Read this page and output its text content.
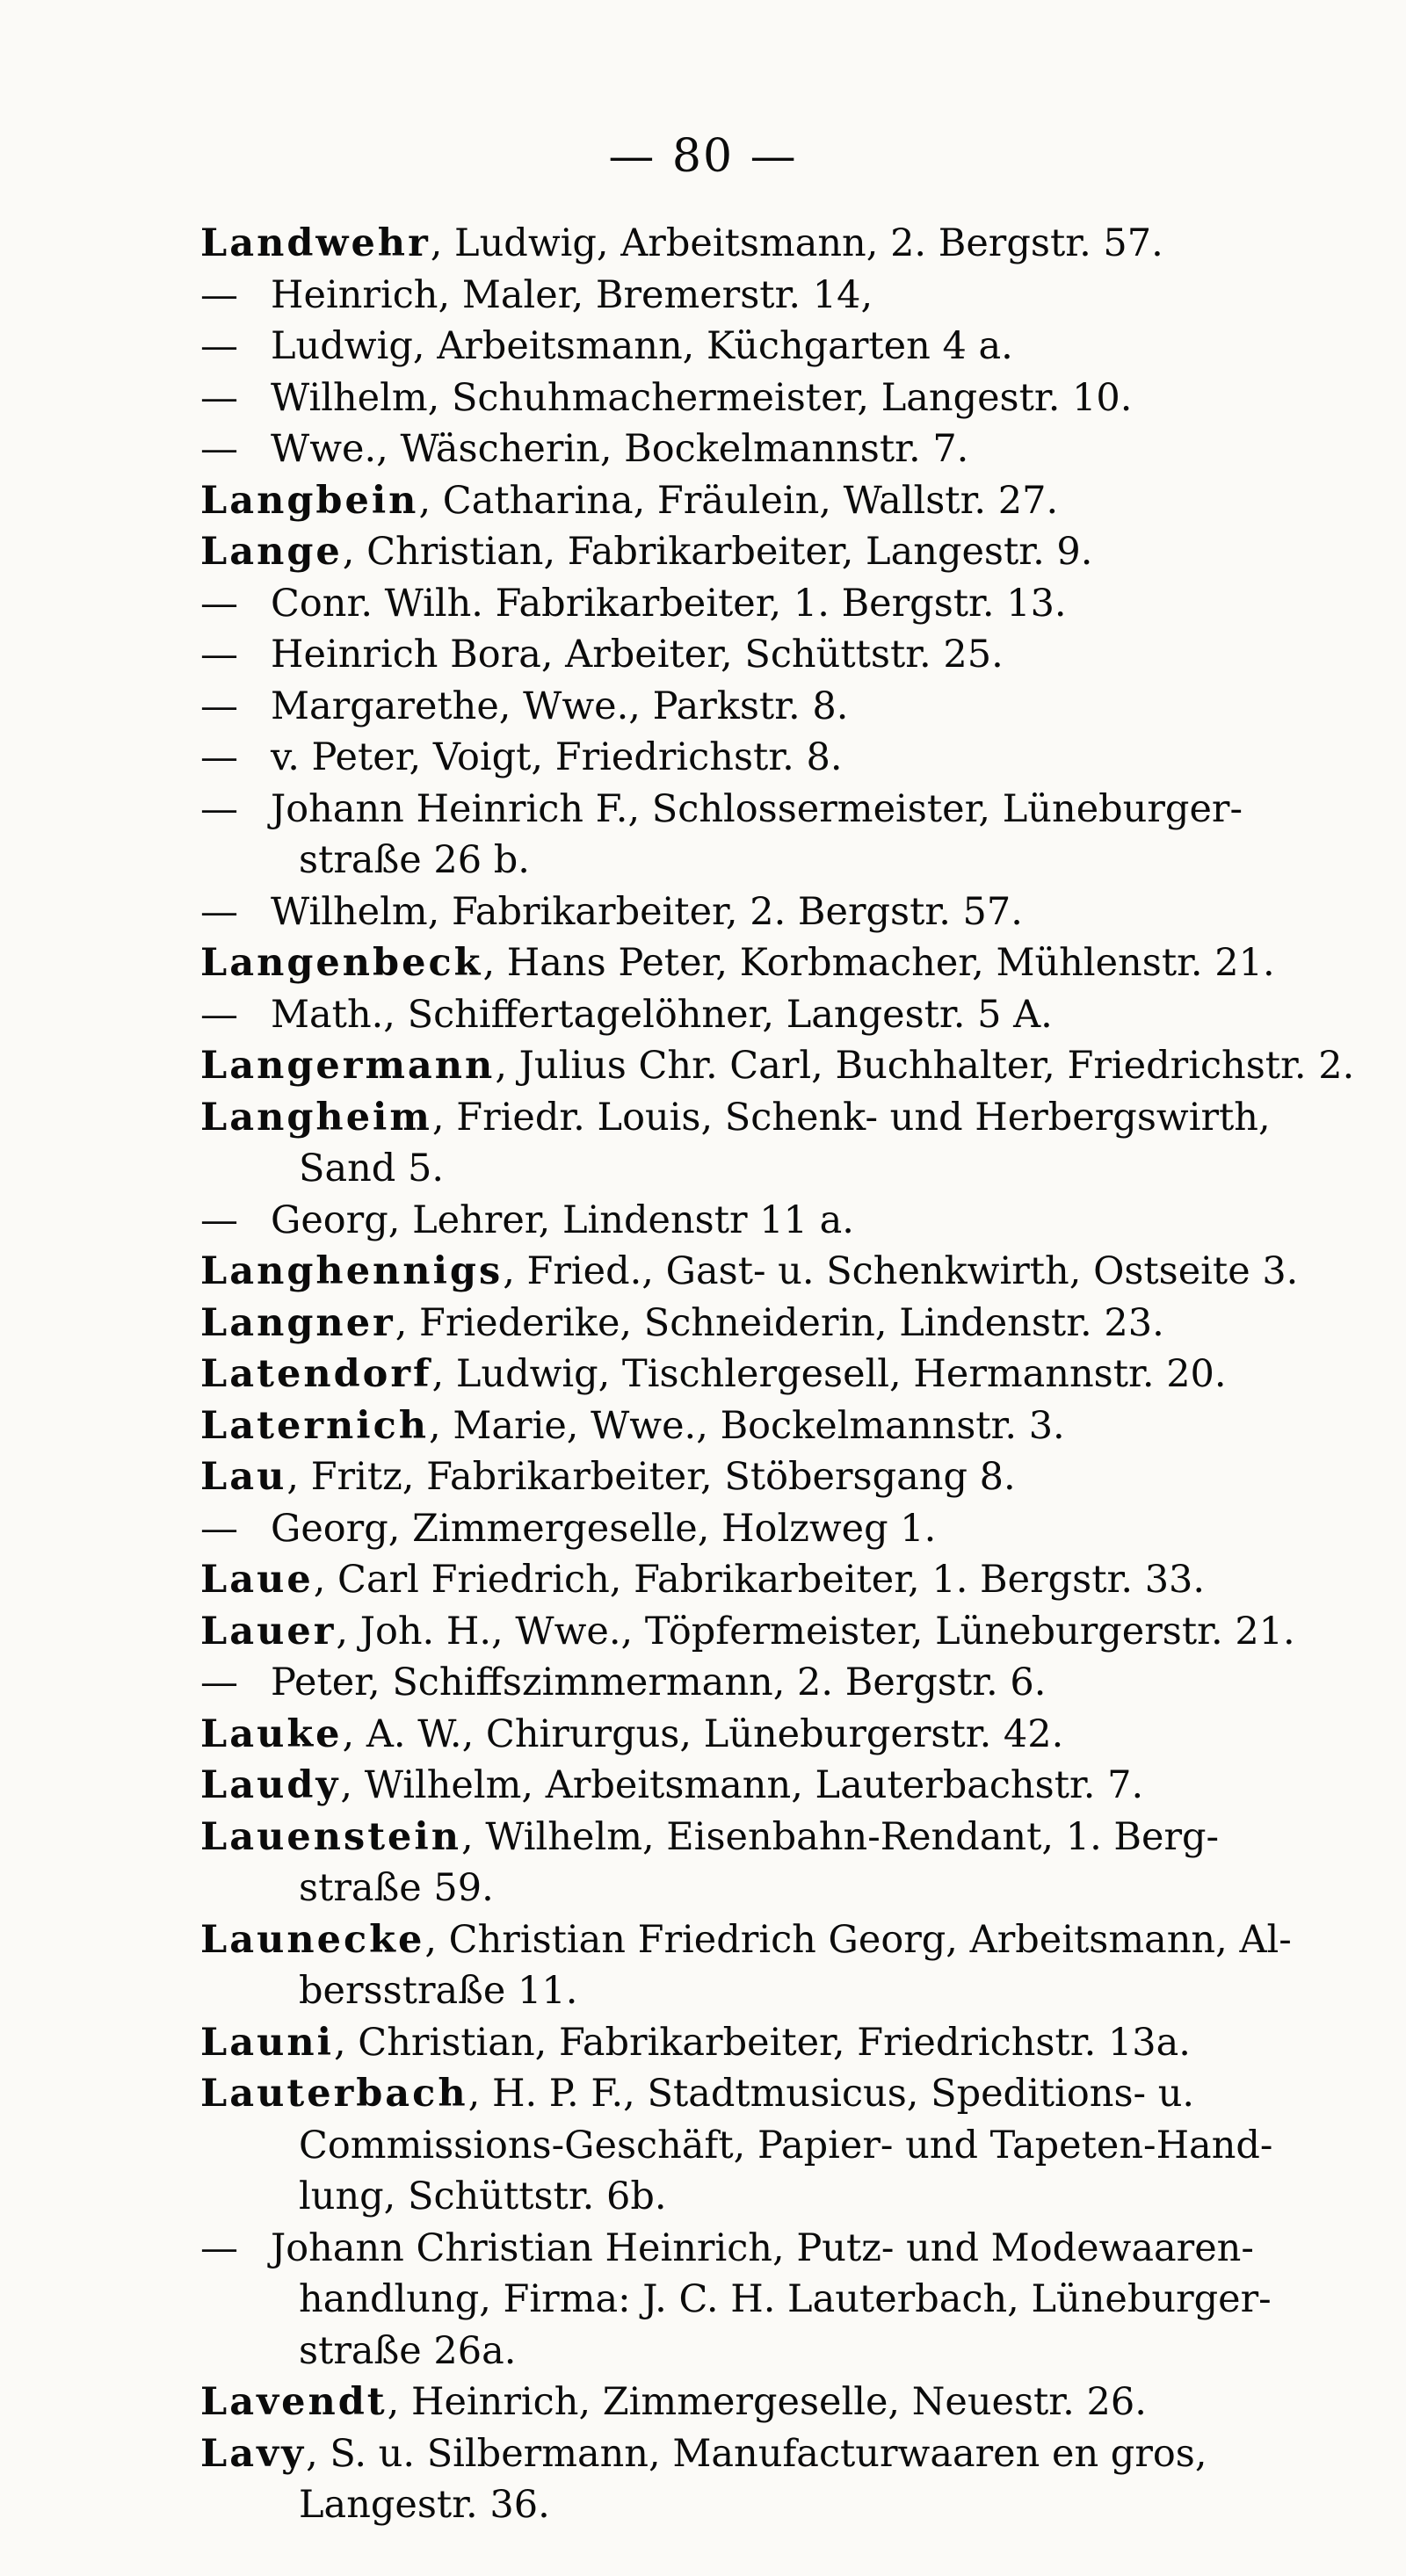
— 80 —
Landwehr, Ludwig, Arbeitsmann, 2. Bergstr. 57.
— Heinrich, Maler, Bremerstr. 14,
— Ludwig, Arbeitsmann, Küchgarten 4 a.
— Wilhelm, Schuhmachermeister, Langestr. 10.
— Wwe., Wäscherin, Bockelmannstr. 7.
Langbein, Catharina, Fräulein, Wallstr. 27.
Lange, Christian, Fabrikarbeiter, Langestr. 9.
— Conr. Wilh. Fabrikarbeiter, 1. Bergstr. 13.
— Heinrich Bora, Arbeiter, Schüttstr. 25.
— Margarethe, Wwe., Parkstr. 8.
— v. Peter, Voigt, Friedrichstr. 8.
— Johann Heinrich F., Schlossermeister, Lüneburger-
straße 26 b.
— Wilhelm, Fabrikarbeiter, 2. Bergstr. 57.
Langenbeck, Hans Peter, Korbmacher, Mühlenstr. 21.
— Math., Schiffertagelöhner, Langestr. 5 A.
Langermann, Julius Chr. Carl, Buchhalter, Friedrichstr. 2.
Langheim, Friedr. Louis, Schenk- und Herbergswirth,
Sand 5.
— Georg, Lehrer, Lindenstr 11 a.
Langhennigs, Fried., Gast- u. Schenkwirth, Ostseite 3.
Langner, Friederike, Schneiderin, Lindenstr. 23.
Latendorf, Ludwig, Tischlergesell, Hermannstr. 20.
Laternich, Marie, Wwe., Bockelmannstr. 3.
Lau, Fritz, Fabrikarbeiter, Stöbersgang 8.
— Georg, Zimmergeselle, Holzweg 1.
Laue, Carl Friedrich, Fabrikarbeiter, 1. Bergstr. 33.
Lauer, Joh. H., Wwe., Töpfermeister, Lüneburgerstr. 21.
— Peter, Schiffszimmermann, 2. Bergstr. 6.
Lauke, A. W., Chirurgus, Lüneburgerstr. 42.
Laudy, Wilhelm, Arbeitsmann, Lauterbachstr. 7.
Lauenstein, Wilhelm, Eisenbahn-Rendant, 1. Berg-
straße 59.
Launecke, Christian Friedrich Georg, Arbeitsmann, Al-
bersstraße 11.
Launi, Christian, Fabrikarbeiter, Friedrichstr. 13a.
Lauterbach, H. P. F., Stadtmusicus, Speditions- u.
Commissions-Geschäft, Papier- und Tapeten-Hand-
lung, Schüttstr. 6b.
— Johann Christian Heinrich, Putz- und Modewaaren-
handlung, Firma: J. C. H. Lauterbach, Lüneburger-
straße 26a.
Lavendt, Heinrich, Zimmergeselle, Neuestr. 26.
Lavy, S. u. Silbermann, Manufacturwaaren en gros,
Langestr. 36.
